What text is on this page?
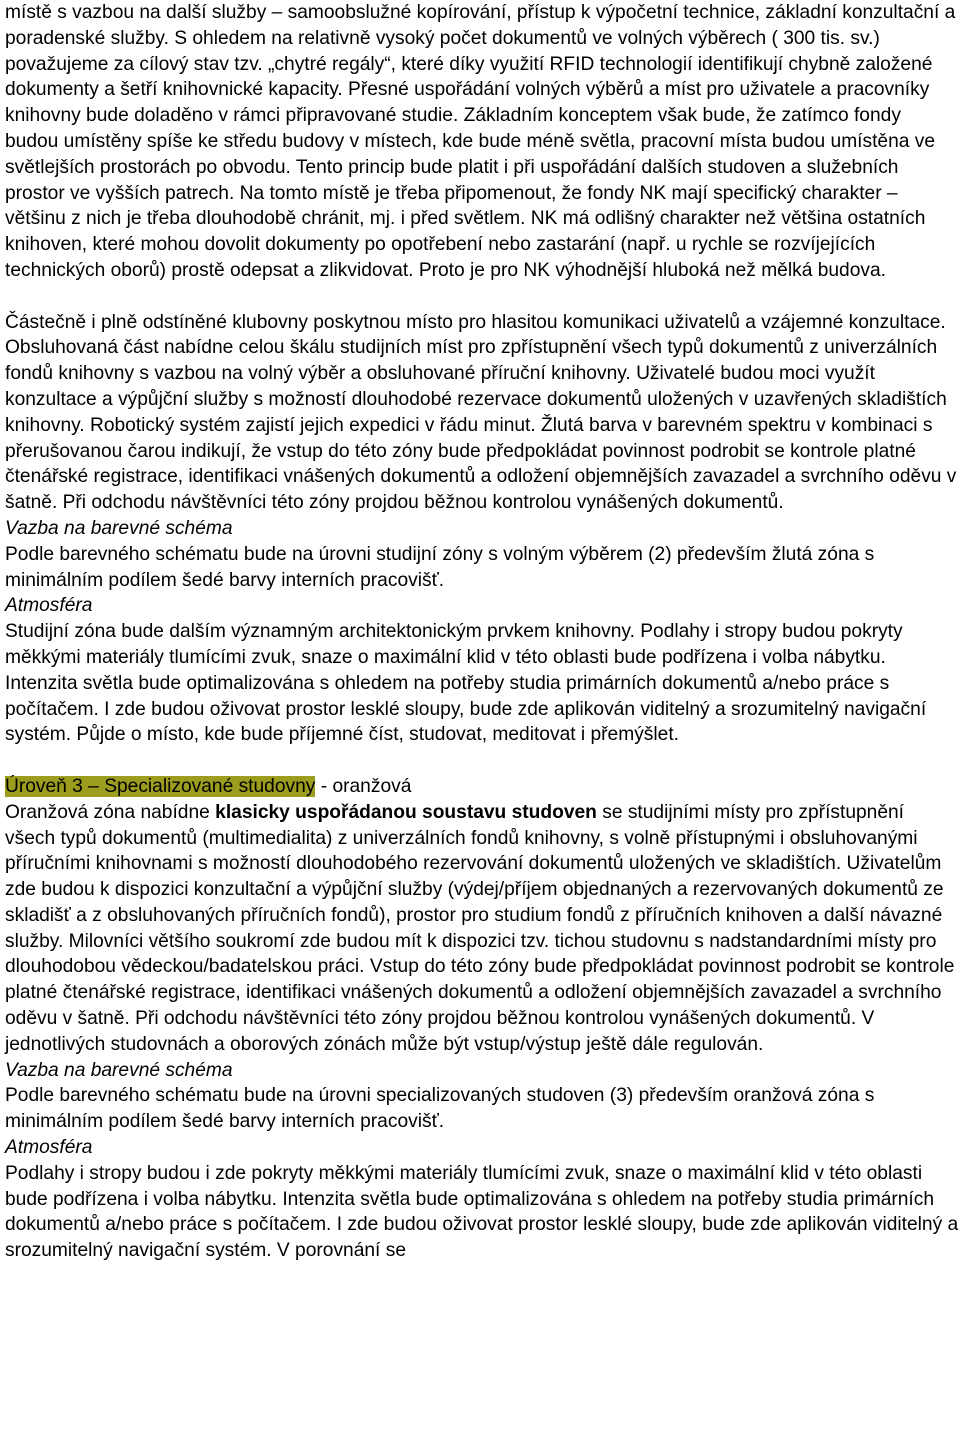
místě s vazbou na další služby – samoobslužné kopírování, přístup k výpočetní technice, základní konzultační a poradenské služby. S ohledem na relativně vysoký počet dokumentů ve volných výběrech ( 300 tis. sv.) považujeme za cílový stav tzv. „chytré regály“, které díky využití RFID technologií identifikují chybně založené dokumenty a šetří knihovnické kapacity. Přesné uspořádání volných výběrů a míst pro uživatele a pracovníky knihovny bude doladěno v rámci připravované studie. Základním konceptem však bude, že zatímco fondy budou umístěny spíše ke středu budovy v místech, kde bude méně světla, pracovní místa budou umístěna ve světlejších prostorách po obvodu. Tento princip bude platit i při uspořádání dalších studoven a služebních prostor ve vyšších patrech. Na tomto místě je třeba připomenout, že fondy NK mají specifický charakter – většinu z nich je třeba dlouhodobě chránit, mj. i před světlem. NK má odlišný charakter než většina ostatních knihoven, které mohou dovolit dokumenty po opotřebení nebo zastarání (např. u rychle se rozvíjejících technických oborů) prostě odepsat a zlikvidovat. Proto je pro NK výhodnější hluboká než mělká budova.

Částečně i plně odstíněné klubovny poskytnou místo pro hlasitou komunikaci uživatelů a vzájemné konzultace. Obsluhovaná část nabídne celou škálu studijních míst pro zpřístupnění všech typů dokumentů z univerzálních fondů knihovny s vazbou na volný výběr a obsluhované příruční knihovny. Uživatelé budou moci využít konzultace a výpůjční služby s možností dlouhodobé rezervace dokumentů uložených v uzavřených skladištích knihovny. Robotický systém zajistí jejich expedici v řádu minut. Žlutá barva v barevném spektru v kombinaci s přerušovanou čarou indikují, že vstup do této zóny bude předpokládat povinnost podrobit se kontrole platné čtenářské registrace, identifikaci vnášených dokumentů a odložení objemnějších zavazadel a svrchního oděvu v šatně. Při odchodu návštěvníci této zóny projdou běžnou kontrolou vynášených dokumentů.

Vazba na barevné schéma

Podle barevného schématu bude na úrovni studijní zóny s volným výběrem (2) především žlutá zóna s minimálním podílem šedé barvy interních pracovišť.

Atmosféra

Studijní zóna bude dalším významným architektonickým prvkem knihovny. Podlahy i stropy budou pokryty měkkými materiály tlumícími zvuk, snaze o maximální klid v této oblasti bude podřízena i volba nábytku. Intenzita světla bude optimalizována s ohledem na potřeby studia primárních dokumentů a/nebo práce s počítačem. I zde budou oživovat prostor lesklé sloupy, bude zde aplikován viditelný a srozumitelný navigační systém. Půjde o místo, kde bude příjemné číst, studovat, meditovat i přemýšlet.

Úroveň 3 – Specializované studovny - oranžová

Oranžová zóna nabídne klasicky uspořádanou soustavu studoven se studijními místy pro zpřístupnění všech typů dokumentů (multimedialita) z univerzálních fondů knihovny, s volně přístupnými i obsluhovanými příručními knihovnami s možností dlouhodobého rezervování dokumentů uložených ve skladištích. Uživatelům zde budou k dispozici konzultační a výpůjční služby (výdej/příjem objednaných a rezervovaných dokumentů ze skladišť a z obsluhovaných příručních fondů), prostor pro studium fondů z příručních knihoven a další návazné služby. Milovníci většího soukromí zde budou mít k dispozici tzv. tichou studovnu s nadstandardními místy pro dlouhodobou vědeckou/badatelskou práci. Vstup do této zóny bude předpokládat povinnost podrobit se kontrole platné čtenářské registrace, identifikaci vnášených dokumentů a odložení objemnějších zavazadel a svrchního oděvu v šatně. Při odchodu návštěvníci této zóny projdou běžnou kontrolou vynášených dokumentů. V jednotlivých studovnách a oborových zónách může být vstup/výstup ještě dále regulován.

Vazba na barevné schéma

Podle barevného schématu bude na úrovni specializovaných studoven (3) především oranžová zóna s minimálním podílem šedé barvy interních pracovišť.

Atmosféra

Podlahy i stropy budou i zde pokryty měkkými materiály tlumícími zvuk, snaze o maximální klid v této oblasti bude podřízena i volba nábytku. Intenzita světla bude optimalizována s ohledem na potřeby studia primárních dokumentů a/nebo práce s počítačem. I zde budou oživovat prostor lesklé sloupy, bude zde aplikován viditelný a srozumitelný navigační systém. V porovnání se
